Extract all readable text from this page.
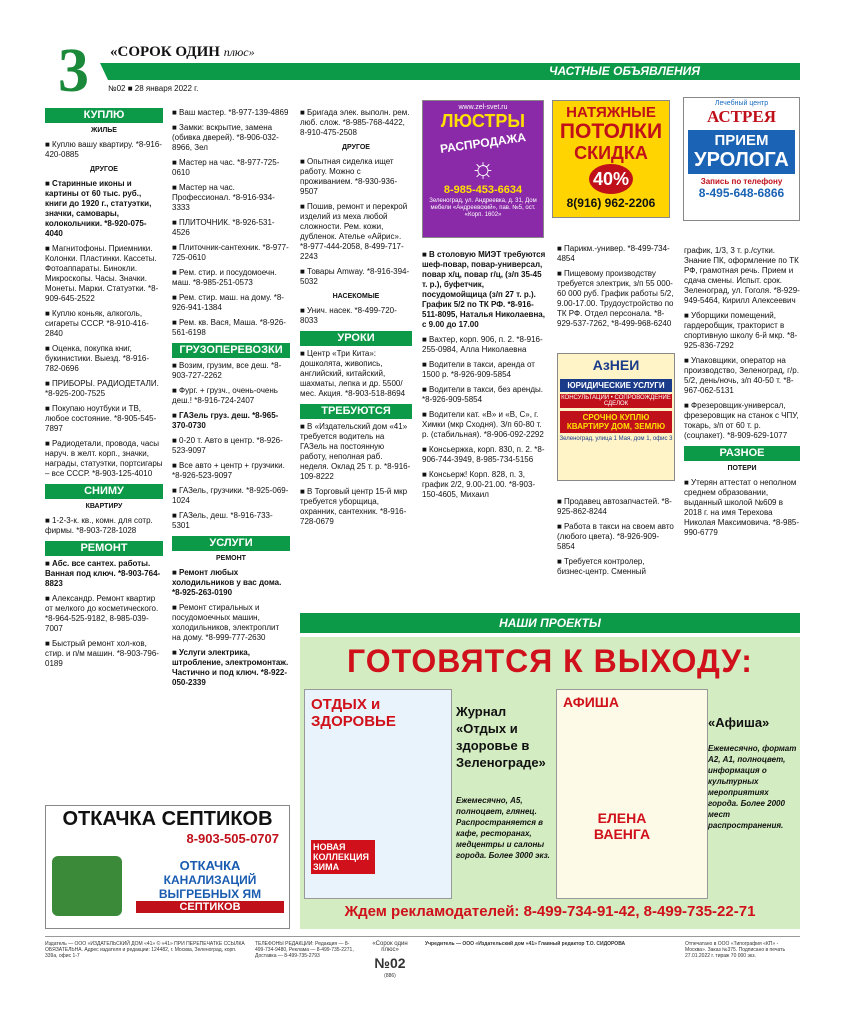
3 «СОРОК ОДИН плюс»
ЧАСТНЫЕ ОБЪЯВЛЕНИЯ
№02 ■ 28 января 2022 г.
КУПЛЮ
ЖИЛЬЕ

■ Куплю вашу квартиру. *8-916-420-0885

ДРУГОЕ

■ Старинные иконы и картины от 60 тыс. руб., книги до 1920 г., статуэтки, значки, самовары, колокольчики. *8-920-075-4040

■ Магнитофоны. Приемники. Колонки. Пластинки. Кассеты. Фотоаппараты. Бинокли. Микроскопы. Часы. Значки. Монеты. Марки. Статуэтки. *8-909-645-2522

■ Куплю коньяк, алкоголь, сигареты СССР. *8-910-416-2840

■ Оценка, покупка книг, букинистики. Выезд. *8-916-782-0696

■ ПРИБОРЫ. РАДИОДЕТАЛИ. *8-925-200-7525

■ Покупаю ноутбуки и ТВ, любое состояние. *8-905-545-7897

■ Радиодетали, провода, часы наруч. в желт. корп., значки, награды, статуэтки, портсигары – все СССР. *8-903-125-4010

СНИМУ
КВАРТИРУ

■ 1-2-3-к. кв., комн. для сотр. фирмы. *8-903-728-1028

РЕМОНТ

■ Абс. все сантех. работы. Ванная под ключ. *8-903-764-8823

■ Александр. Ремонт квартир от мелкого до косметического. *8-964-525-9182, 8-985-039-7007

■ Быстрый ремонт хол-ков, стир. и п/м машин. *8-903-796-0189

■ Ваш мастер. *8-977-139-4869

■ Замки: вскрытие, замена (обивка дверей). *8-906-032-8966, Зел

■ Мастер на час. *8-977-725-0610

■ Мастер на час. Профессионал. *8-916-934-3333

■ ПЛИТОЧНИК. *8-926-531-4526

■ Плиточник-сантехник. *8-977-725-0610

■ Рем. стир. и посудомоечн. маш. *8-985-251-0573

■ Рем. стир. маш. на дому. *8-926-941-1384

■ Рем. кв. Вася, Маша. *8-926-561-6198

ГРУЗОПЕРЕВОЗКИ

■ Возим, грузим, все деш. *8-903-727-2262

■ Фург. + грузч., очень-очень деш.! *8-916-724-2407

■ ГАЗель груз. деш. *8-965-370-0730

■ 0-20 т. Авто в центр. *8-926-523-9097

■ Все авто + центр + грузчики. *8-926-523-9097

■ ГАЗель, грузчики. *8-925-069-1024

■ ГАЗель, деш. *8-916-733-5301

УСЛУГИ
РЕМОНТ

■ Ремонт любых холодильников у вас дома. *8-925-263-0190

■ Ремонт стиральных и посудомоечных машин, холодильников, электроплит на дому. *8-999-777-2630

■ Услуги электрика, штробление, электромонтаж. Частично и под ключ. *8-922-050-2339

■ Бригада элек. выполн. рем. люб. слож. *8-985-768-4422, 8-910-475-2508

ДРУГОЕ

■ Опытная сиделка ищет работу. Можно с проживанием. *8-930-936-9507

■ Пошив, ремонт и перекрой изделий из меха любой сложности. Рем. кожи, дубленок. Ателье «Айрис». *8-977-444-2058, 8-499-717-2243

■ Товары Amway. *8-916-394-5032

НАСЕКОМЫЕ

■ Унич. насек. *8-499-720-8033

УРОКИ

■ Центр «Три Кита»: дошколята, живопись, английский, китайский, шахматы, лепка и др. 5500/мес. Акция. *8-903-518-8694

ТРЕБУЮТСЯ

■ В «Издательский дом «41» требуется водитель на ГАЗель на постоянную работу, неполная раб. неделя. Оклад 25 т. р. *8-916-109-8222

■ В Торговый центр 15-й мкр требуется уборщица, охранник, сантехник. *8-916-728-0679

www.zel-svet.ru
ЛЮСТРЫ
РАСПРОДАЖА
☼
8-985-453-6634
Зеленоград, ул. Андреевка, д. 31, Дом мебели «Андреевский», пав. №5, ост. «Корп. 1602»
НАТЯЖНЫЕ
ПОТОЛКИ
СКИДКА
40%
8(916) 962-2206
Лечебный центр
АСТРЕЯ
ПРИЕМ
УРОЛОГА
Запись по телефону
8-495-648-6866

■ В столовую МИЭТ требуются шеф-повар, повар-универсал, повар х/ц, повар г/ц, (з/п 35-45 т. р.), буфетчик, посудомойщица (з/п 27 т. р.). График 5/2 по ТК РФ. *8-916-511-8095, Наталья Николаевна, с 9.00 до 17.00

■ Вахтер, корп. 906, п. 2. *8-916-255-0984, Алла Николаевна

■ Водители в такси, аренда от 1500 р. *8-926-909-5854

■ Водители в такси, без аренды. *8-926-909-5854

■ Водители кат. «В» и «В, С», г. Химки (мкр Сходня). З/п 60-80 т. р. (стабильная). *8-906-092-2292

■ Консьержка, корп. 830, п. 2. *8-906-744-3949, 8-985-734-5156

■ Консьерж! Корп. 828, п. 3, график 2/2, 9.00-21.00. *8-903-150-4605, Михаил

■ Парикм.-универ. *8-499-734-4854

■ Пищевому производству требуется электрик, з/п 55 000-60 000 руб. График работы 5/2, 9.00-17.00. Трудоустройство по ТК РФ. Отдел персонала. *8-929-537-7262, *8-499-968-6240

АзНЕИ
ЮРИДИЧЕСКИЕ УСЛУГИ
КОНСУЛЬТАЦИИ • СОПРОВОЖДЕНИЕ СДЕЛОК
СРОЧНО КУПЛЮ КВАРТИРУ ДОМ, ЗЕМЛЮ
Зеленоград, улица 1 Мая, дом 1, офис 3

■ Продавец автозапчастей. *8-925-862-8244

■ Работа в такси на своем авто (любого цвета). *8-926-909-5854

■ Требуется контролер, бизнес-центр. Сменный

график, 1/3, 3 т. р./сутки. Знание ПК, оформление по ТК РФ, грамотная речь. Прием и сдача смены. Испыт. срок. Зеленоград, ул. Гоголя. *8-929-949-5464, Кирилл Алексеевич

■ Уборщики помещений, гардеробщик, тракторист в спортивную школу 6-й мкр. *8-925-836-7292

■ Упаковщики, оператор на производство, Зеленоград, г/р. 5/2, день/ночь, з/п 40-50 т. *8-967-062-5131

■ Фрезеровщик-универсал, фрезеровщик на станок с ЧПУ, токарь, з/п от 60 т. р. (соцпакет). *8-909-629-1077

РАЗНОЕ
ПОТЕРИ

■ Утерян аттестат о неполном среднем образовании, выданный школой №609 в 2018 г. на имя Терехова Николая Максимовича. *8-985-990-6779

ОТКАЧКА СЕПТИКОВ
8-903-505-0707
ОТКАЧКА
КАНАЛИЗАЦИЙ
ВЫГРЕБНЫХ ЯМ
СЕПТИКОВ
НАШИ ПРОЕКТЫ
ГОТОВЯТСЯ К ВЫХОДУ:
ОТДЫХ и ЗДОРОВЬЕ
НОВАЯ КОЛЛЕКЦИЯ ЗИМА
Журнал «Отдых и здоровье в Зеленограде»
Ежемесячно, А5, полноцвет, глянец. Распространяется в кафе, ресторанах, медцентры и салоны города. Более 3000 экз.
АФИША
ЕЛЕНА ВАЕНГА
«Афиша»
Ежемесячно, формат А2, А1, полноцвет, информация о культурных мероприятиях города. Более 2000 мест распространения.
Ждем рекламодателей: 8-499-734-91-42, 8-499-735-22-71
Издатель — ООО «ИЗДАТЕЛЬСКИЙ ДОМ «41» © «41» ПРИ ПЕРЕПЕЧАТКЕ ССЫЛКА ОБЯЗАТЕЛЬНА. Адрес издателя и редакции: 124482, г. Москва, Зеленоград, корп. 339а, офис 1-7
ТЕЛЕФОНЫ РЕДАКЦИИ: Редакция — 8-499-734-9480, Реклама — 8-499-735-2271, Доставка — 8-499-735-2793
«Сорок один плюс»
№02
(886)
Учредитель — ООО «Издательский дом «41» Главный редактор Т.О. СИДОРОВА	Отпечатано в ООО «Типография «КП» - Москва». Заказ №375. Подписано в печать 27.01.2022 г. тираж 70 000 экз.
